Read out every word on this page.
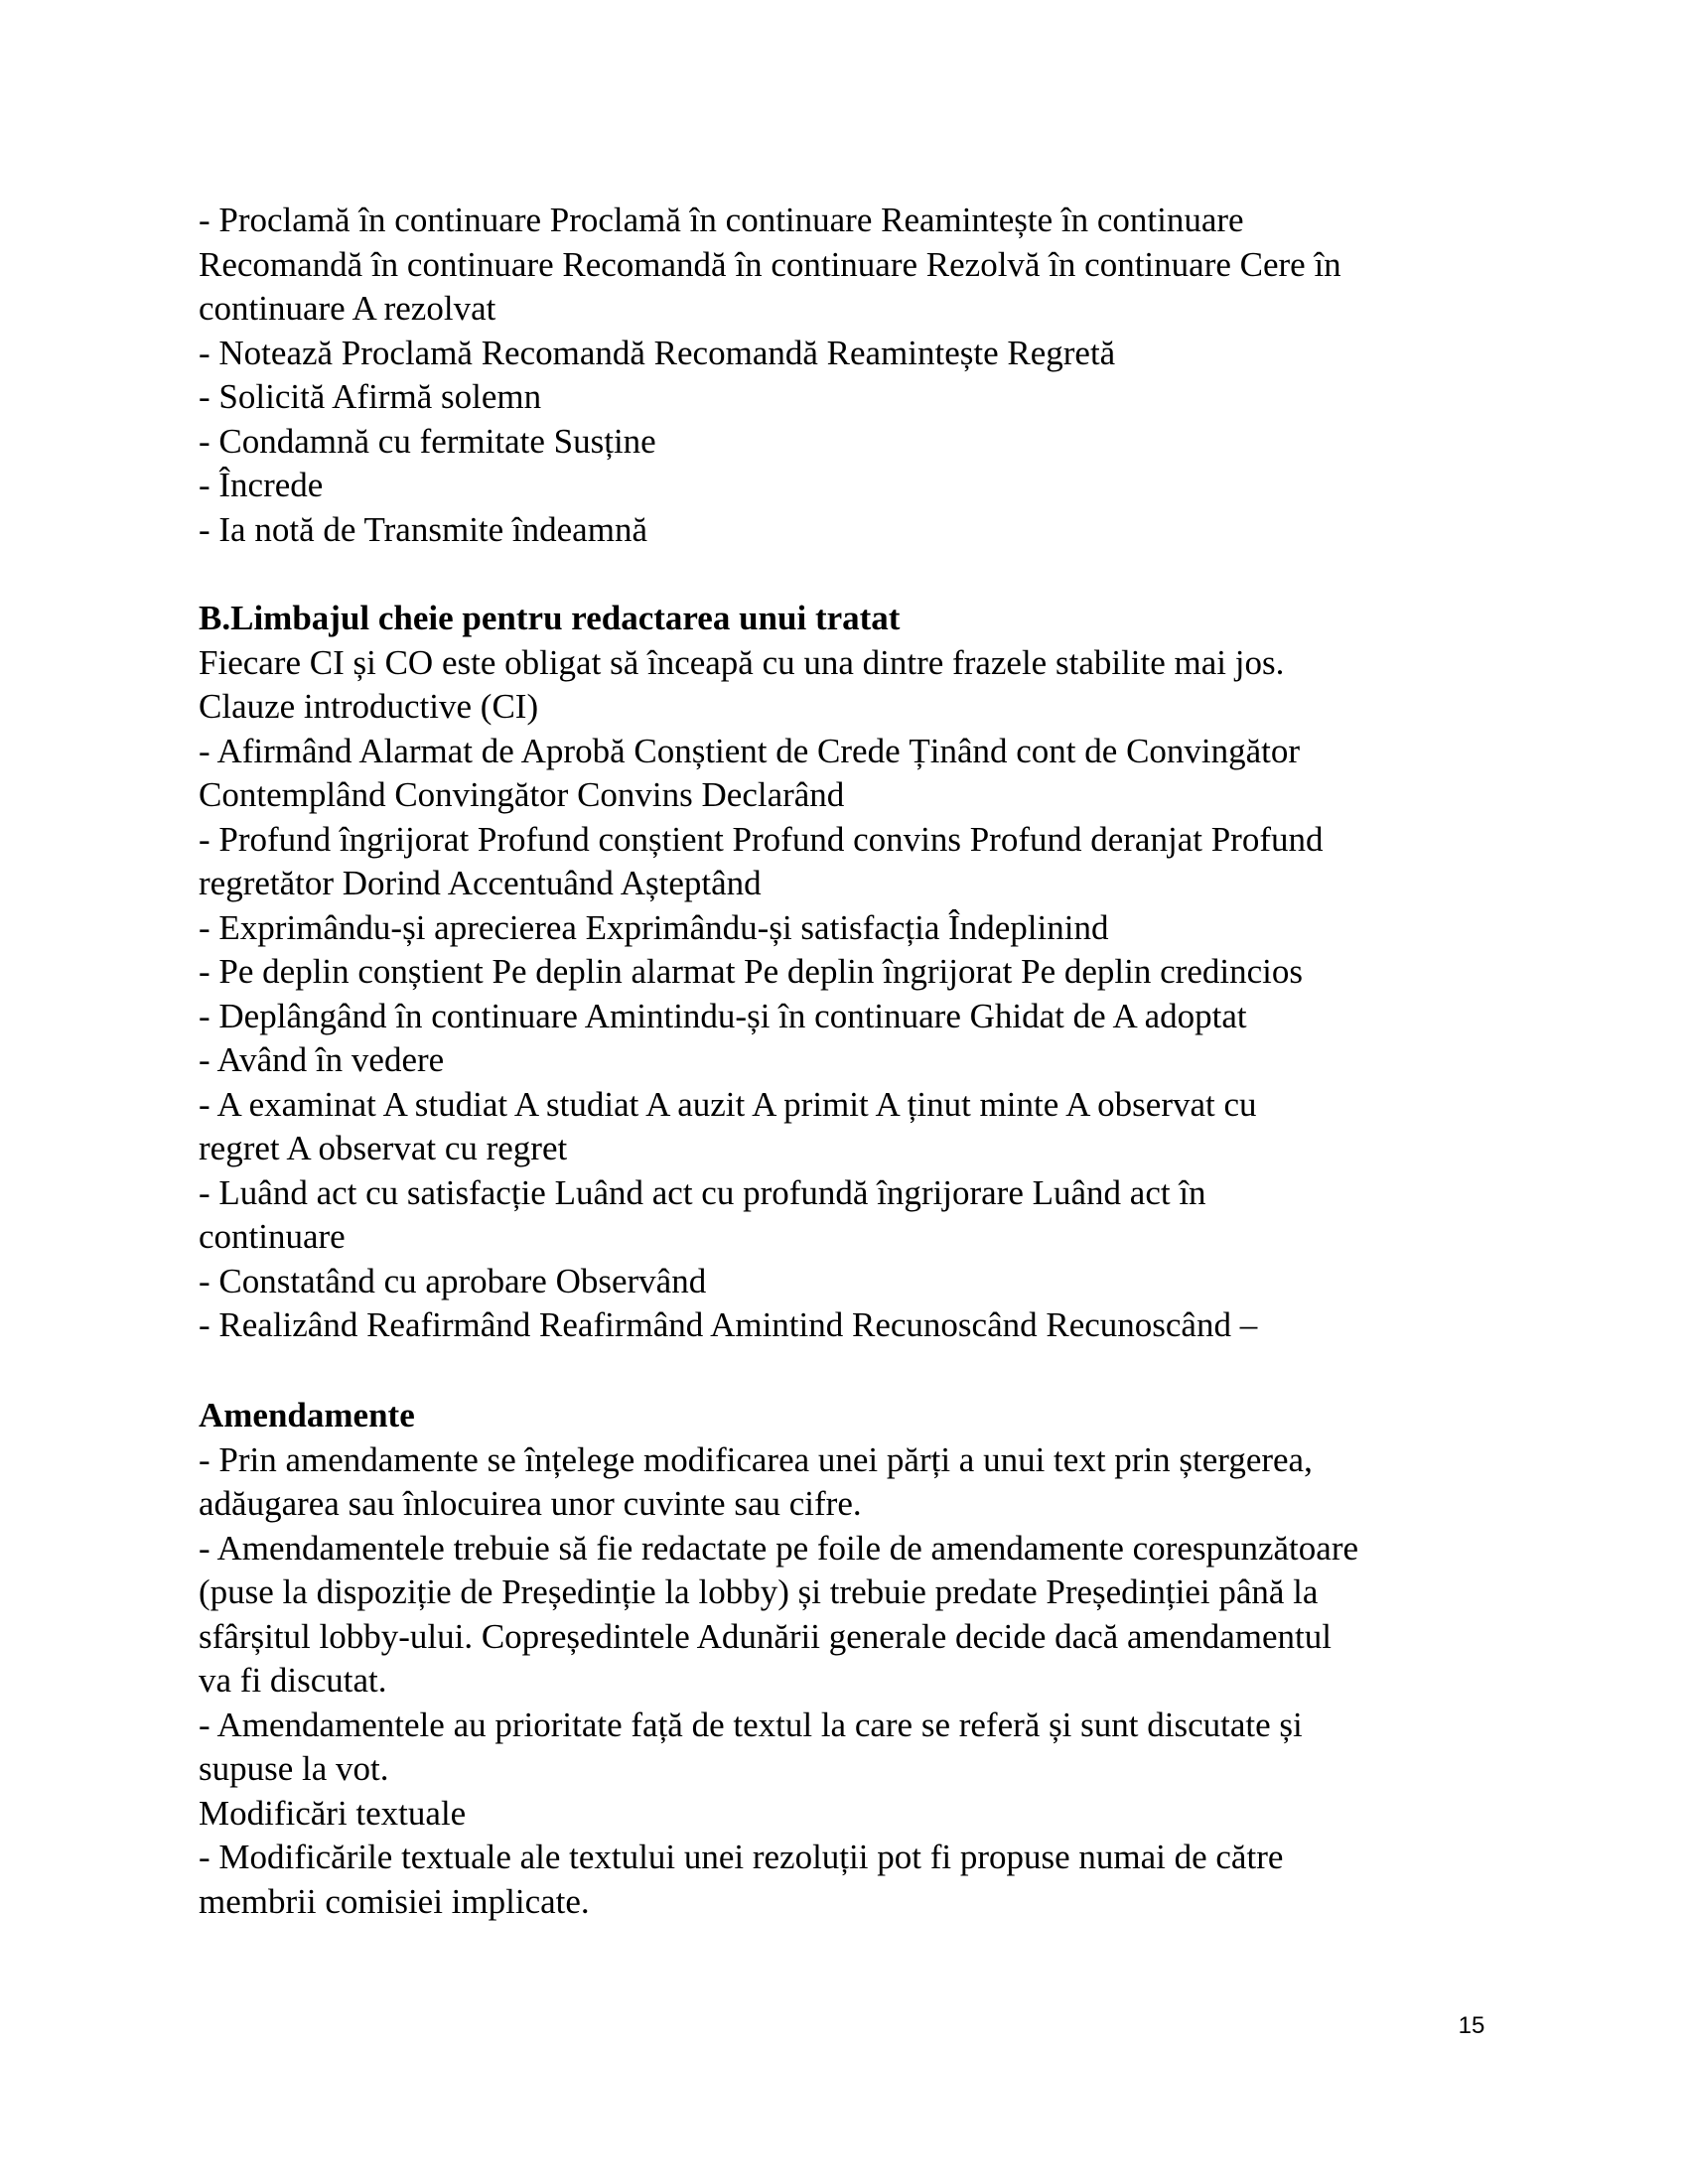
- Proclamă în continuare Proclamă în continuare Reamintește în continuare
Recomandă în continuare Recomandă în continuare Rezolvă în continuare Cere în
continuare A rezolvat
- Notează Proclamă Recomandă Recomandă Reamintește Regretă
- Solicită Afirmă solemn
- Condamnă cu fermitate Susține
- Încrede
- Ia notă de Transmite îndeamnă
B.Limbajul cheie pentru redactarea unui tratat
Fiecare CI și CO este obligat să înceapă cu una dintre frazele stabilite mai jos.
Clauze introductive (CI)
- Afirmând Alarmat de Aprobă Conștient de Crede Ținând cont de Convingător
Contemplând Convingător Convins Declarând
- Profund îngrijorat Profund conștient Profund convins Profund deranjat Profund
regretător Dorind Accentuând Așteptând
- Exprimându-și aprecierea Exprimându-și satisfacția Îndeplinind
- Pe deplin conștient Pe deplin alarmat Pe deplin îngrijorat Pe deplin credincios
- Deplângând în continuare Amintindu-și în continuare Ghidat de A adoptat
- Având în vedere
- A examinat A studiat A studiat A auzit A primit A ținut minte A observat cu
regret A observat cu regret
- Luând act cu satisfacție Luând act cu profundă îngrijorare Luând act în
continuare
- Constatând cu aprobare Observând
- Realizând Reafirmând Reafirmând Amintind Recunoscând Recunoscând –
Amendamente
- Prin amendamente se înțelege modificarea unei părți a unui text prin ștergerea,
adăugarea sau înlocuirea unor cuvinte sau cifre.
- Amendamentele trebuie să fie redactate pe foile de amendamente corespunzătoare
(puse la dispoziție de Președinție la lobby) și trebuie predate Președinției până la
sfârșitul lobby-ului. Copreședintele Adunării generale decide dacă amendamentul
va fi discutat.
- Amendamentele au prioritate față de textul la care se referă și sunt discutate și
supuse la vot.
Modificări textuale
- Modificările textuale ale textului unei rezoluții pot fi propuse numai de către
membrii comisiei implicate.
15
